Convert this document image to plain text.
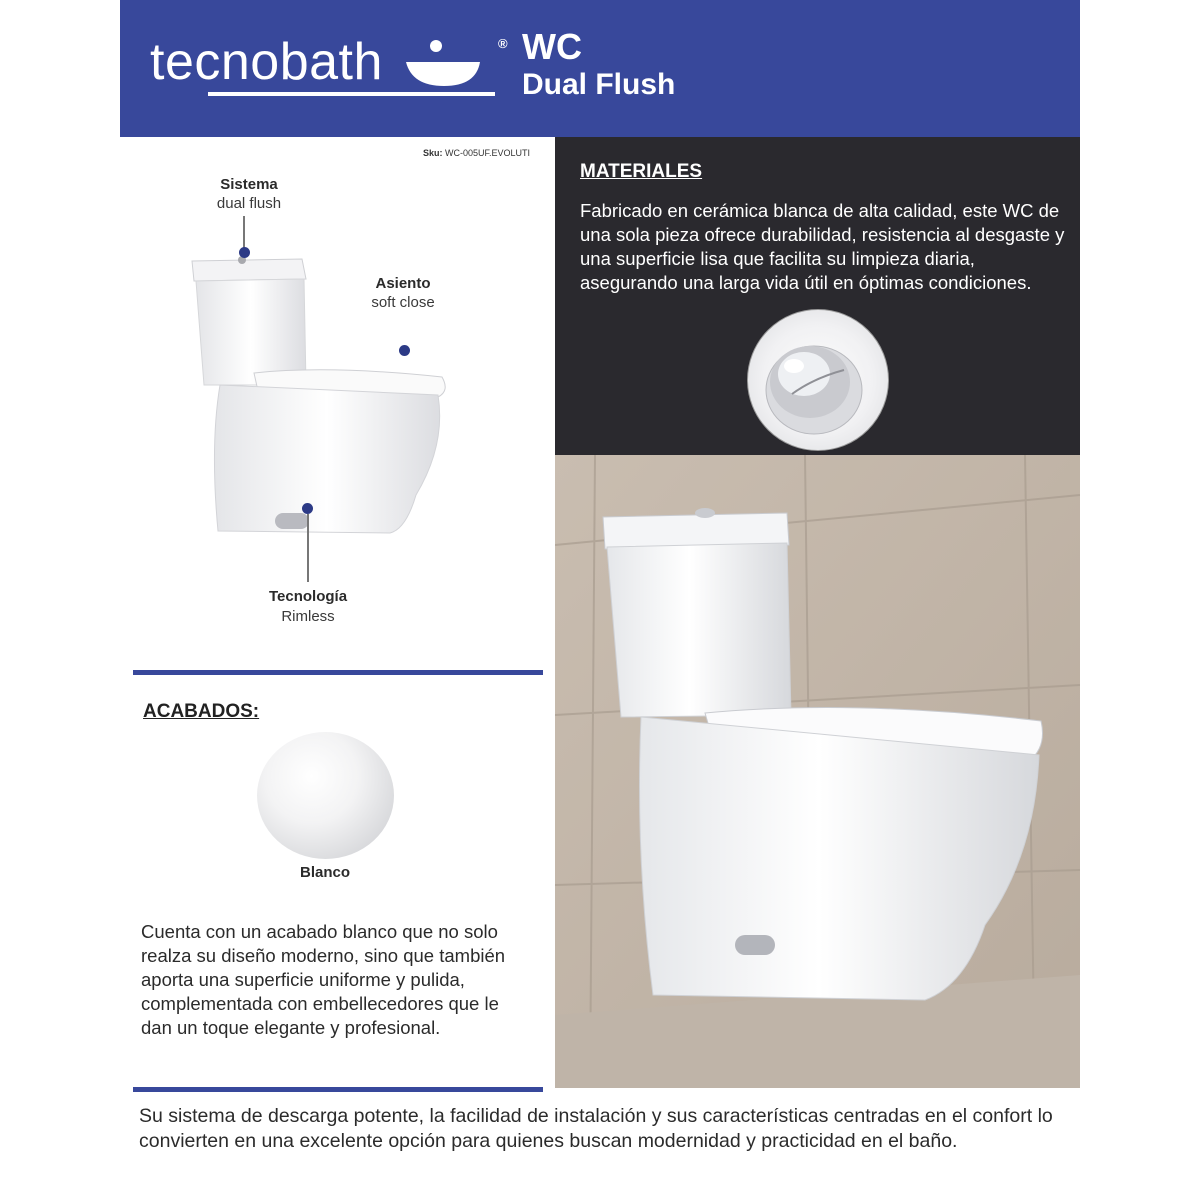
tecnobath	® WC
Dual Flush
Sku: WC-005UF.EVOLUTI
Sistema
dual flush
Asiento
soft close
Tecnología
Rimless
ACABADOS:
Blanco
Cuenta con un acabado blanco que no solo realza su diseño moderno, sino que también aporta una superficie uniforme y pulida, complementada con embellecedores que le dan un toque elegante y profesional.
MATERIALES
Fabricado en cerámica blanca de alta calidad, este WC de una sola pieza ofrece durabilidad, resistencia al desgaste y una superficie lisa que facilita su limpieza diaria, asegurando una larga vida útil en óptimas condiciones.
Su sistema de descarga potente, la facilidad de instalación y sus características centradas en el confort lo convierten en una excelente opción para quienes buscan modernidad y practicidad en el baño.
